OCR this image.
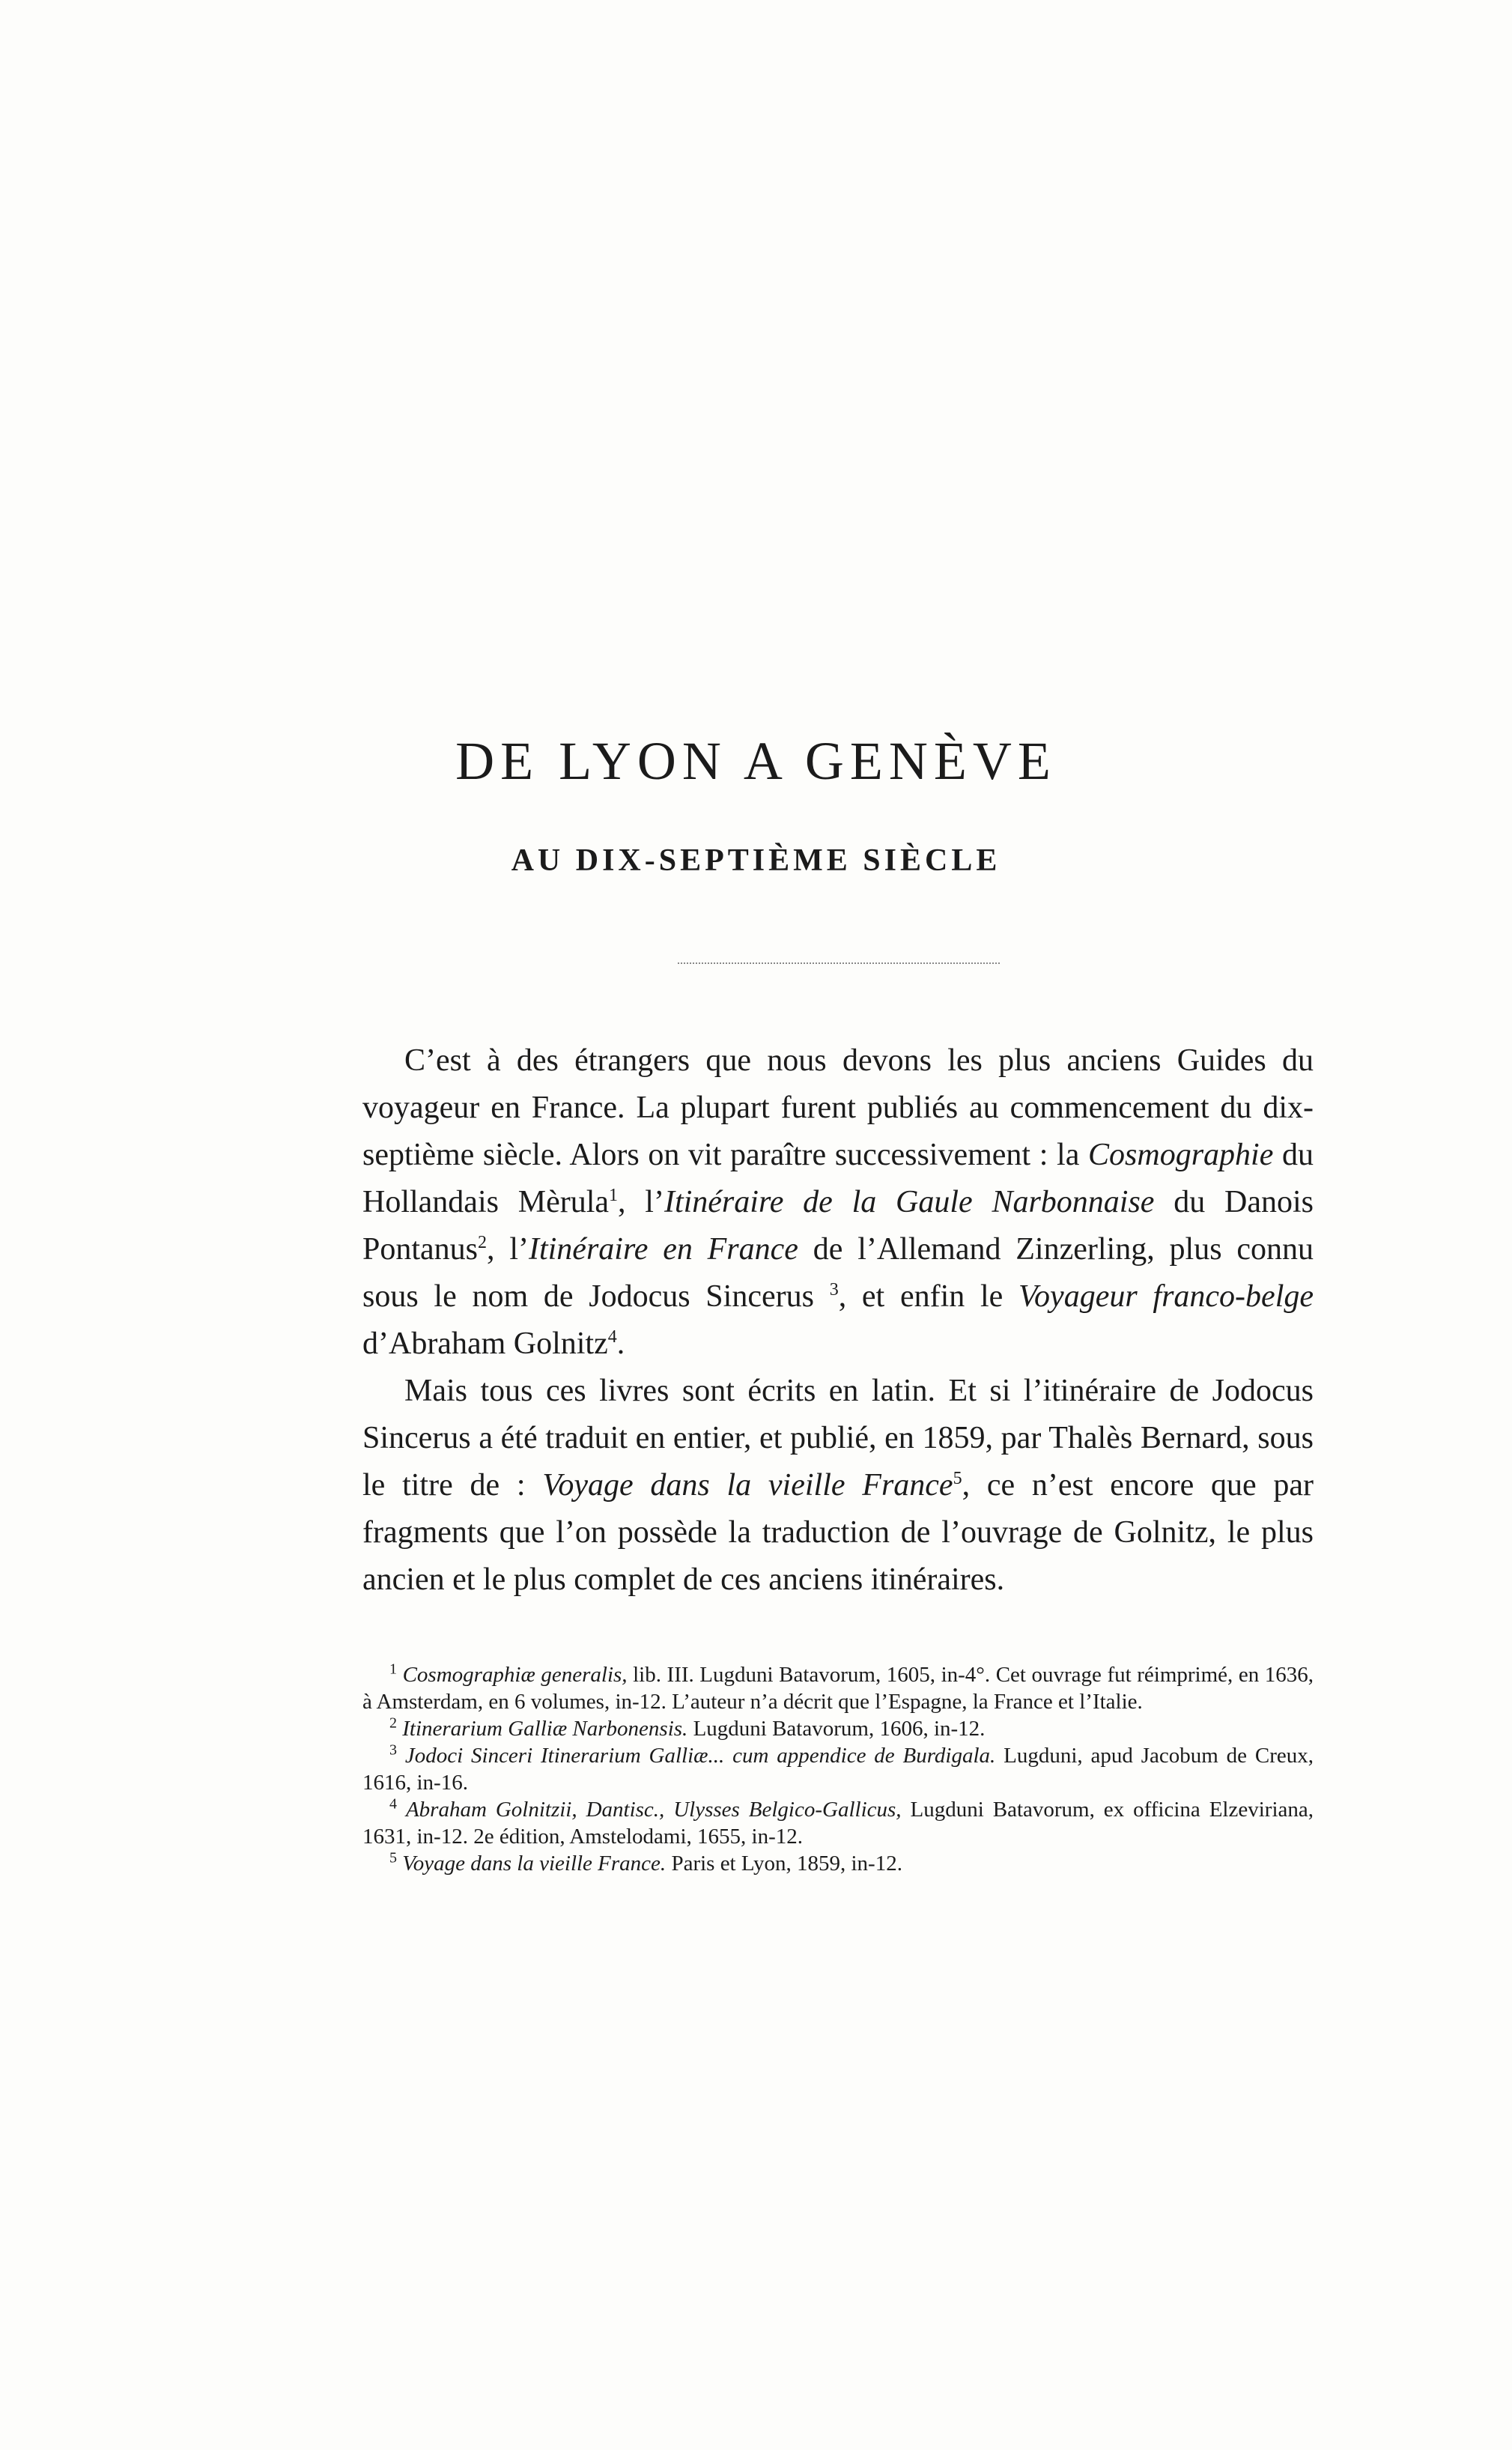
DE LYON A GENÈVE
AU DIX-SEPTIÈME SIÈCLE

C’est à des étrangers que nous devons les plus anciens Guides du voyageur en France. La plupart furent publiés au commencement du dix-septième siècle. Alors on vit paraître successivement : la Cosmographie du Hollandais Mèrula$^1$, l’Itinéraire de la Gaule Narbonnaise du Danois Pontanus$^2$, l’Itinéraire en France de l’Allemand Zinzerling, plus connu sous le nom de Jodocus Sincerus $^3$, et enfin le Voyageur franco-belge d’Abraham Golnitz$^4$.

Mais tous ces livres sont écrits en latin. Et si l’itinéraire de Jodocus Sincerus a été traduit en entier, et publié, en 1859, par Thalès Bernard, sous le titre de : Voyage dans la vieille France$^5$, ce n’est encore que par fragments que l’on possède la traduction de l’ouvrage de Golnitz, le plus ancien et le plus complet de ces anciens itinéraires.

$^1$ Cosmographiæ generalis, lib. III. Lugduni Batavorum, 1605, in-4°. Cet ouvrage fut réimprimé, en 1636, à Amsterdam, en 6 volumes, in-12. L’auteur n’a décrit que l’Espagne, la France et l’Italie.

$^2$ Itinerarium Galliæ Narbonensis. Lugduni Batavorum, 1606, in-12.

$^3$ Jodoci Sinceri Itinerarium Galliæ... cum appendice de Burdigala. Lugduni, apud Jacobum de Creux, 1616, in-16.

$^4$ Abraham Golnitzii, Dantisc., Ulysses Belgico-Gallicus, Lugduni Batavorum, ex officina Elzeviriana, 1631, in-12. 2e édition, Amstelodami, 1655, in-12.

$^5$ Voyage dans la vieille France. Paris et Lyon, 1859, in-12.
